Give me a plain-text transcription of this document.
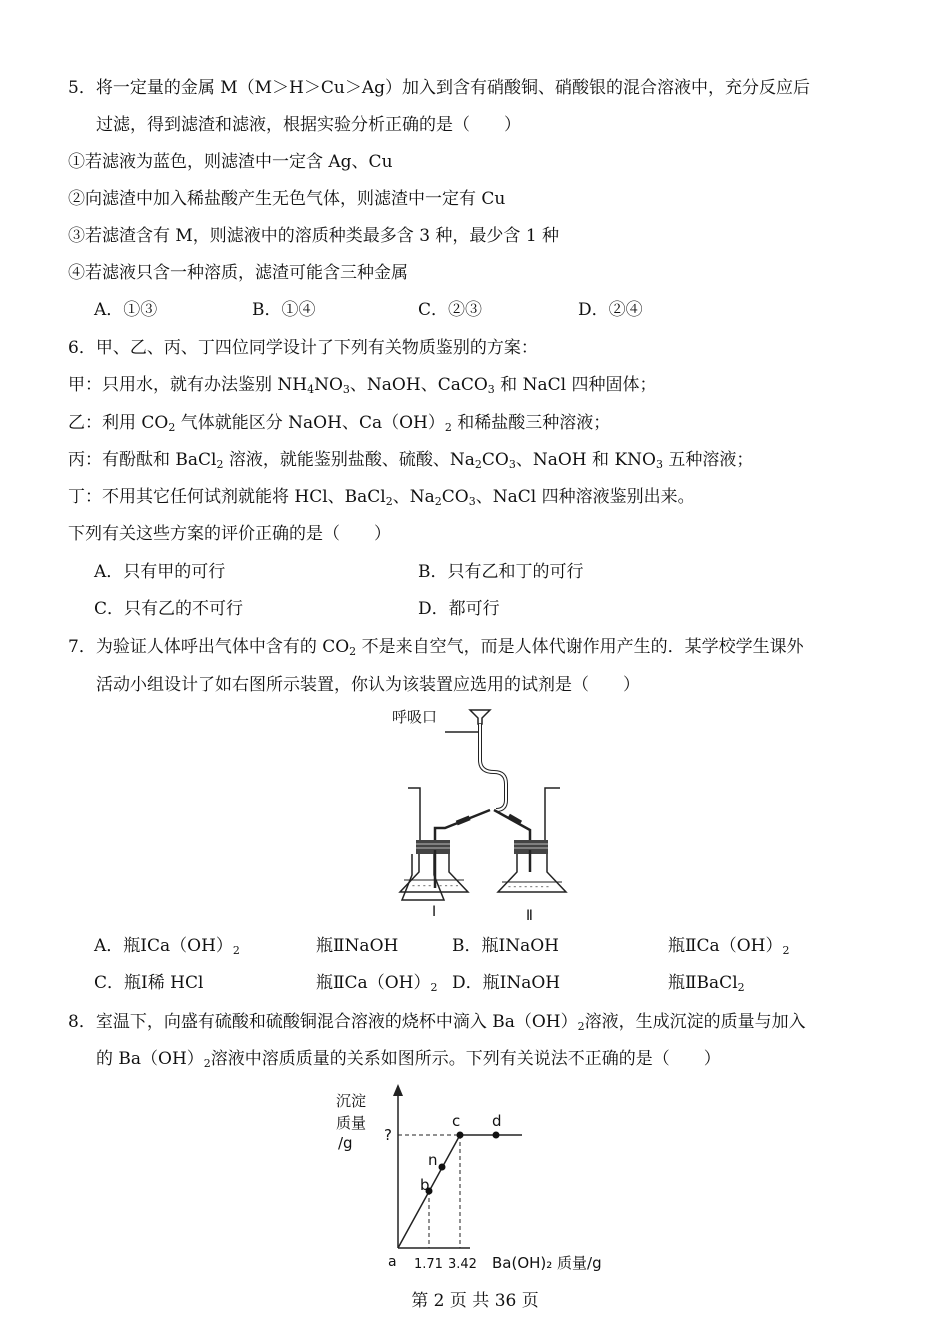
5．将一定量的金属 M（M＞H＞Cu＞Ag）加入到含有硝酸铜、硝酸银的混合溶液中，充分反应后
过滤，得到滤渣和滤液，根据实验分析正确的是（　　）
①若滤液为蓝色，则滤渣中一定含 Ag、Cu
②向滤渣中加入稀盐酸产生无色气体，则滤渣中一定有 Cu
③若滤渣含有 M，则滤液中的溶质种类最多含 3 种，最少含 1 种
④若滤液只含一种溶质，滤渣可能含三种金属
A．①③	B．①④	C．②③	D．②④
6．甲、乙、丙、丁四位同学设计了下列有关物质鉴别的方案：
甲：只用水，就有办法鉴别 $NH_4NO_3$、NaOH、CaCO$_3$ 和 NaCl 四种固体；
乙：利用 $CO_2$ 气体就能区分 NaOH、$Ca(OH)_2$ 和稀盐酸三种溶液；
丙：有酚酞和 BaCl$_2$ 溶液，就能鉴别盐酸、硫酸、$Na_2CO_3$、NaOH 和 $KNO_3$ 五种溶液；
丁：不用其它任何试剂就能将 HCl、BaCl$_2$、$Na_2CO_3$、NaCl 四种溶液鉴别出来。
下列有关这些方案的评价正确的是（　　）
A．只有甲的可行	B．只有乙和丁的可行
C．只有乙的不可行	D．都可行
7．为验证人体呼出气体中含有的 $CO_2$ 不是来自空气，而是人体代谢作用产生的．某学校学生课外
活动小组设计了如右图所示装置，你认为该装置应选用的试剂是（　　）
呼吸口
- - - - - - - - -	- - - - - - - -
Ⅰ	Ⅱ
A．瓶$ⅠCa(OH)_2$	瓶ⅡNaOH	B．瓶ⅠNaOH	瓶$ⅡCa(OH)_2$
C．瓶Ⅰ稀 HCl	瓶$ⅡCa(OH)_2$ D．瓶ⅠNaOH	瓶ⅡBaCl$_2$
8．室温下，向盛有硫酸和硫酸铜混合溶液的烧杯中滴入 $Ba(OH)_2$溶液，生成沉淀的质量与加入
的 $Ba(OH)_2$溶液中溶质质量的关系如图所示。下列有关说法不正确的是（　　）
沉淀
质量
/g ?
b
n
c d
a 1.71 3.42 Ba(OH)₂ 质量/g
第 2 页 共 36 页
